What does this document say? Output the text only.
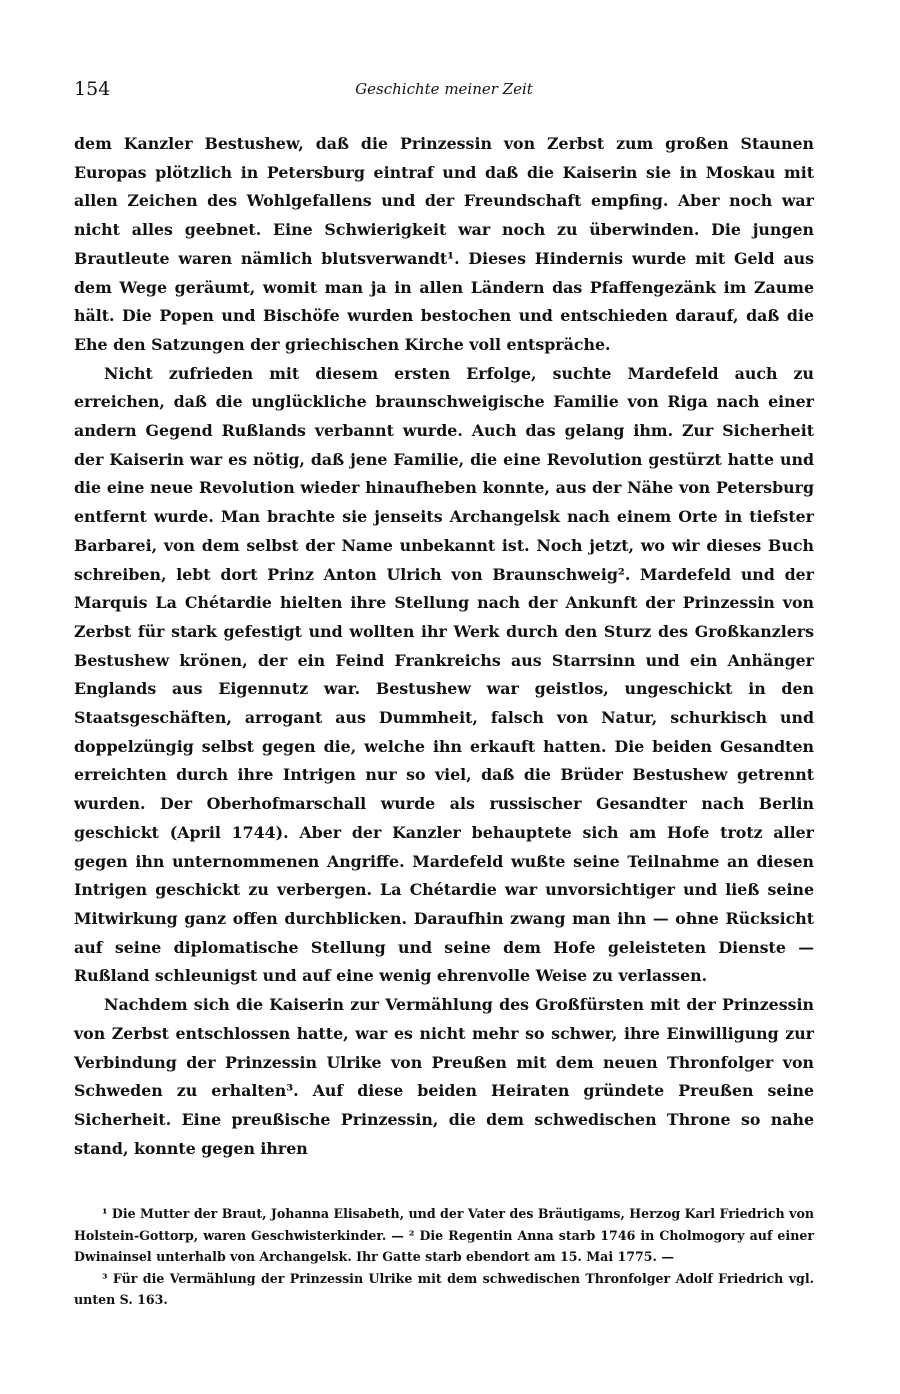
154	Geschichte meiner Zeit

dem Kanzler Bestushew, daß die Prinzessin von Zerbst zum großen Staunen Europas plötzlich in Petersburg eintraf und daß die Kaiserin sie in Moskau mit allen Zeichen des Wohlgefallens und der Freundschaft empfing. Aber noch war nicht alles geebnet. Eine Schwierigkeit war noch zu überwinden. Die jungen Brautleute waren nämlich blutsverwandt¹. Dieses Hindernis wurde mit Geld aus dem Wege geräumt, womit man ja in allen Ländern das Pfaffengezänk im Zaume hält. Die Popen und Bischöfe wurden bestochen und entschieden darauf, daß die Ehe den Satzungen der griechischen Kirche voll entspräche.

Nicht zufrieden mit diesem ersten Erfolge, suchte Mardefeld auch zu erreichen, daß die unglückliche braunschweigische Familie von Riga nach einer andern Gegend Rußlands verbannt wurde. Auch das gelang ihm. Zur Sicherheit der Kaiserin war es nötig, daß jene Familie, die eine Revolution gestürzt hatte und die eine neue Revolution wieder hinaufheben konnte, aus der Nähe von Petersburg entfernt wurde. Man brachte sie jenseits Archangelsk nach einem Orte in tiefster Barbarei, von dem selbst der Name unbekannt ist. Noch jetzt, wo wir dieses Buch schreiben, lebt dort Prinz Anton Ulrich von Braunschweig². Mardefeld und der Marquis La Chétardie hielten ihre Stellung nach der Ankunft der Prinzessin von Zerbst für stark gefestigt und wollten ihr Werk durch den Sturz des Großkanzlers Bestushew krönen, der ein Feind Frankreichs aus Starrsinn und ein Anhänger Englands aus Eigennutz war. Bestushew war geistlos, ungeschickt in den Staatsgeschäften, arrogant aus Dummheit, falsch von Natur, schurkisch und doppelzüngig selbst gegen die, welche ihn erkauft hatten. Die beiden Gesandten erreichten durch ihre Intrigen nur so viel, daß die Brüder Bestushew getrennt wurden. Der Oberhofmarschall wurde als russischer Gesandter nach Berlin geschickt (April 1744). Aber der Kanzler behauptete sich am Hofe trotz aller gegen ihn unternommenen Angriffe. Mardefeld wußte seine Teilnahme an diesen Intrigen geschickt zu verbergen. La Chétardie war unvorsichtiger und ließ seine Mitwirkung ganz offen durchblicken. Daraufhin zwang man ihn — ohne Rücksicht auf seine diplomatische Stellung und seine dem Hofe geleisteten Dienste — Rußland schleunigst und auf eine wenig ehrenvolle Weise zu verlassen.

Nachdem sich die Kaiserin zur Vermählung des Großfürsten mit der Prinzessin von Zerbst entschlossen hatte, war es nicht mehr so schwer, ihre Einwilligung zur Verbindung der Prinzessin Ulrike von Preußen mit dem neuen Thronfolger von Schweden zu erhalten³. Auf diese beiden Heiraten gründete Preußen seine Sicherheit. Eine preußische Prinzessin, die dem schwedischen Throne so nahe stand, konnte gegen ihren

¹ Die Mutter der Braut, Johanna Elisabeth, und der Vater des Bräutigams, Herzog Karl Friedrich von Holstein-Gottorp, waren Geschwisterkinder. — ² Die Regentin Anna starb 1746 in Cholmogory auf einer Dwinainsel unterhalb von Archangelsk. Ihr Gatte starb ebendort am 15. Mai 1775. —

³ Für die Vermählung der Prinzessin Ulrike mit dem schwedischen Thronfolger Adolf Friedrich vgl. unten S. 163.
